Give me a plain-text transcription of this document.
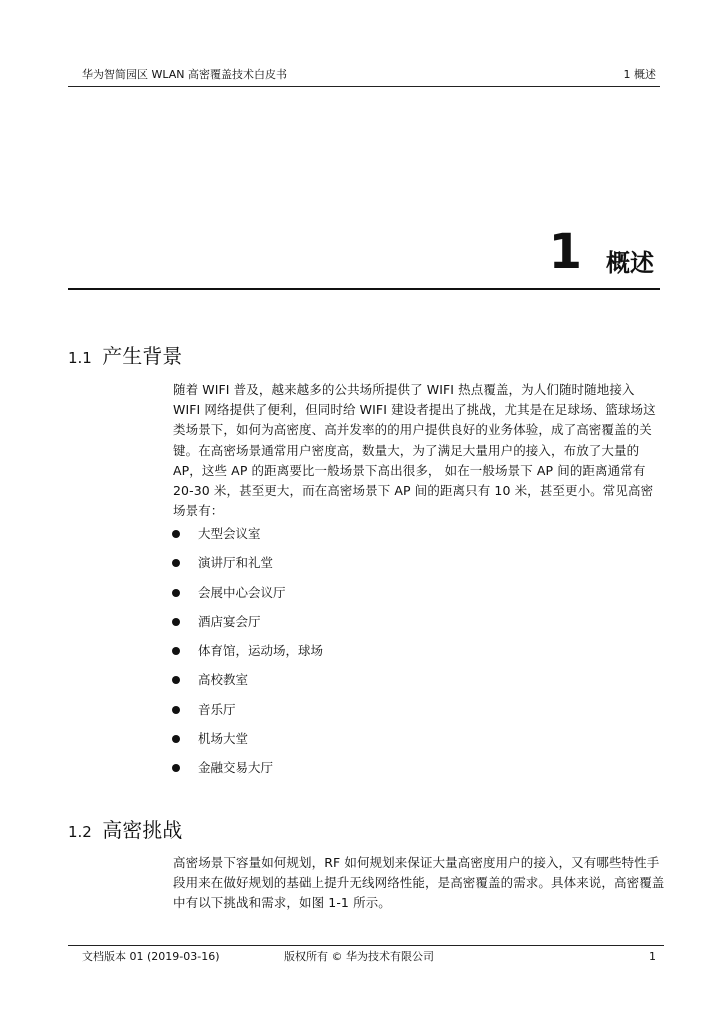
华为智简园区 WLAN 高密覆盖技术白皮书	1 概述
1 概述
1.1 产生背景

随着 WIFI 普及，越来越多的公共场所提供了 WIFI 热点覆盖，为人们随时随地接入 WIFI 网络提供了便利，但同时给 WIFI 建设者提出了挑战，尤其是在足球场、篮球场这类场景下，如何为高密度、高并发率的的用户提供良好的业务体验，成了高密覆盖的关键。在高密场景通常用户密度高，数量大，为了满足大量用户的接入，布放了大量的 AP，这些 AP 的距离要比一般场景下高出很多， 如在一般场景下 AP 间的距离通常有 20-30 米，甚至更大，而在高密场景下 AP 间的距离只有 10 米，甚至更小。常见高密场景有：

大型会议室
演讲厅和礼堂
会展中心会议厅
酒店宴会厅
体育馆，运动场，球场
高校教室
音乐厅
机场大堂
金融交易大厅
1.2 高密挑战

高密场景下容量如何规划，RF 如何规划来保证大量高密度用户的接入，又有哪些特性手段用来在做好规划的基础上提升无线网络性能，是高密覆盖的需求。具体来说，高密覆盖中有以下挑战和需求，如图 1-1 所示。

文档版本 01 (2019-03-16)	版权所有 © 华为技术有限公司	1
